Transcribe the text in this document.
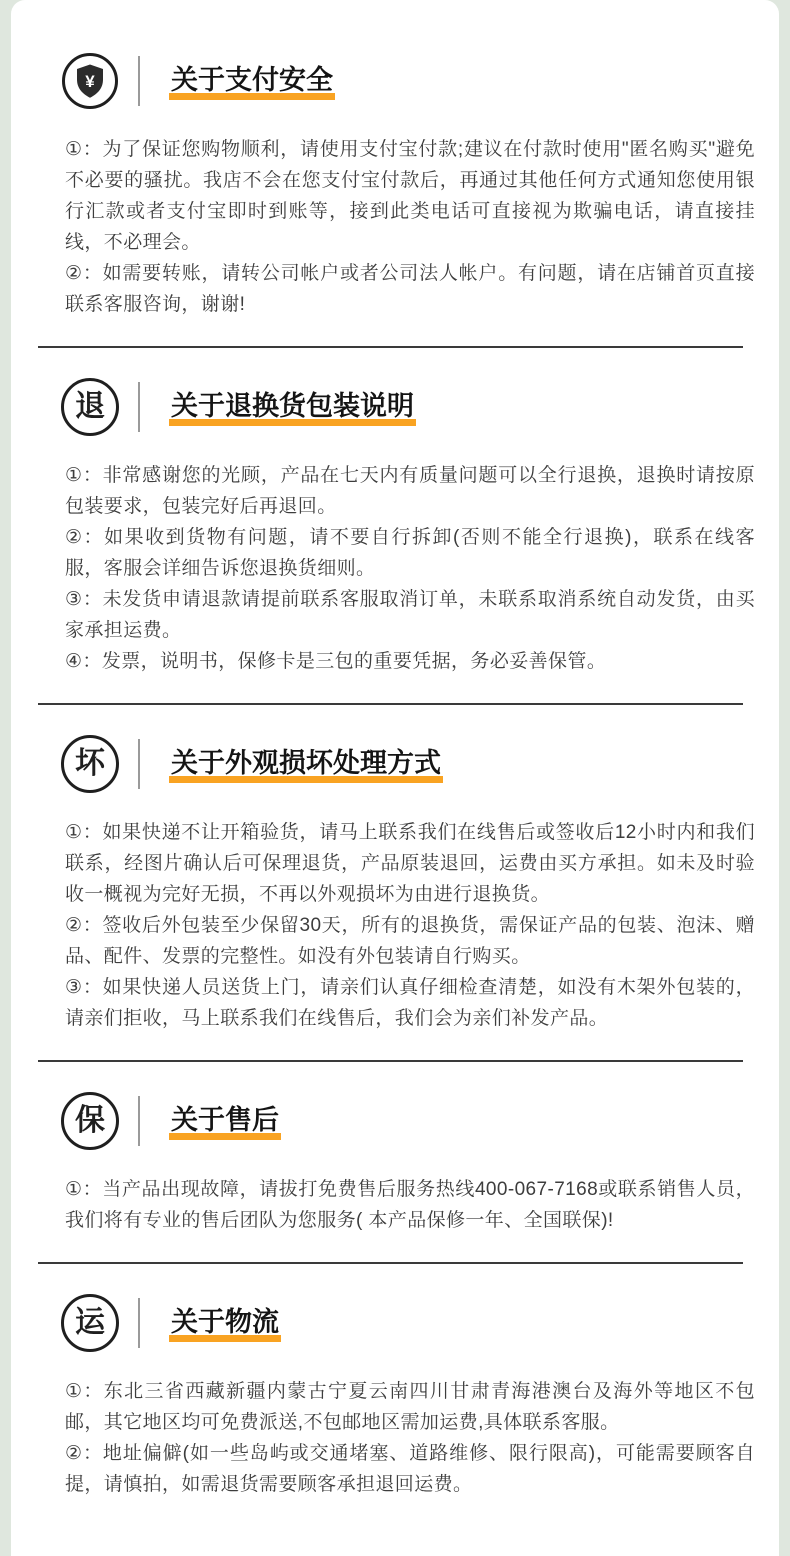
¥	关于支付安全

①：为了保证您购物顺利，请使用支付宝付款;建议在付款时使用"匿名购买"避免不必要的骚扰。我店不会在您支付宝付款后，再通过其他任何方式通知您使用银行汇款或者支付宝即时到账等，接到此类电话可直接视为欺骗电话，请直接挂线，不必理会。

②：如需要转账，请转公司帐户或者公司法人帐户。有问题，请在店铺首页直接联系客服咨询，谢谢!

退 关于退换货包装说明

①：非常感谢您的光顾，产品在七天内有质量问题可以全行退换，退换时请按原包装要求，包装完好后再退回。

②：如果收到货物有问题，请不要自行拆卸(否则不能全行退换)，联系在线客服，客服会详细告诉您退换货细则。

③：未发货申请退款请提前联系客服取消订单，未联系取消系统自动发货，由买家承担运费。

④：发票，说明书，保修卡是三包的重要凭据，务必妥善保管。

坏 关于外观损坏处理方式

①：如果快递不让开箱验货，请马上联系我们在线售后或签收后12小时内和我们联系，经图片确认后可保理退货，产品原装退回，运费由买方承担。如未及时验收一概视为完好无损，不再以外观损坏为由进行退换货。

②：签收后外包装至少保留30天，所有的退换货，需保证产品的包装、泡沫、赠品、配件、发票的完整性。如没有外包装请自行购买。

③：如果快递人员送货上门，请亲们认真仔细检查清楚，如没有木架外包装的，请亲们拒收，马上联系我们在线售后，我们会为亲们补发产品。

保 关于售后

①：当产品出现故障，请拔打免费售后服务热线400-067-7168或联系销售人员，我们将有专业的售后团队为您服务( 本产品保修一年、全国联保)!

运 关于物流

①：东北三省西藏新疆内蒙古宁夏云南四川甘肃青海港澳台及海外等地区不包邮，其它地区均可免费派送,不包邮地区需加运费,具体联系客服。

②：地址偏僻(如一些岛屿或交通堵塞、道路维修、限行限高)，可能需要顾客自提，请慎拍，如需退货需要顾客承担退回运费。
